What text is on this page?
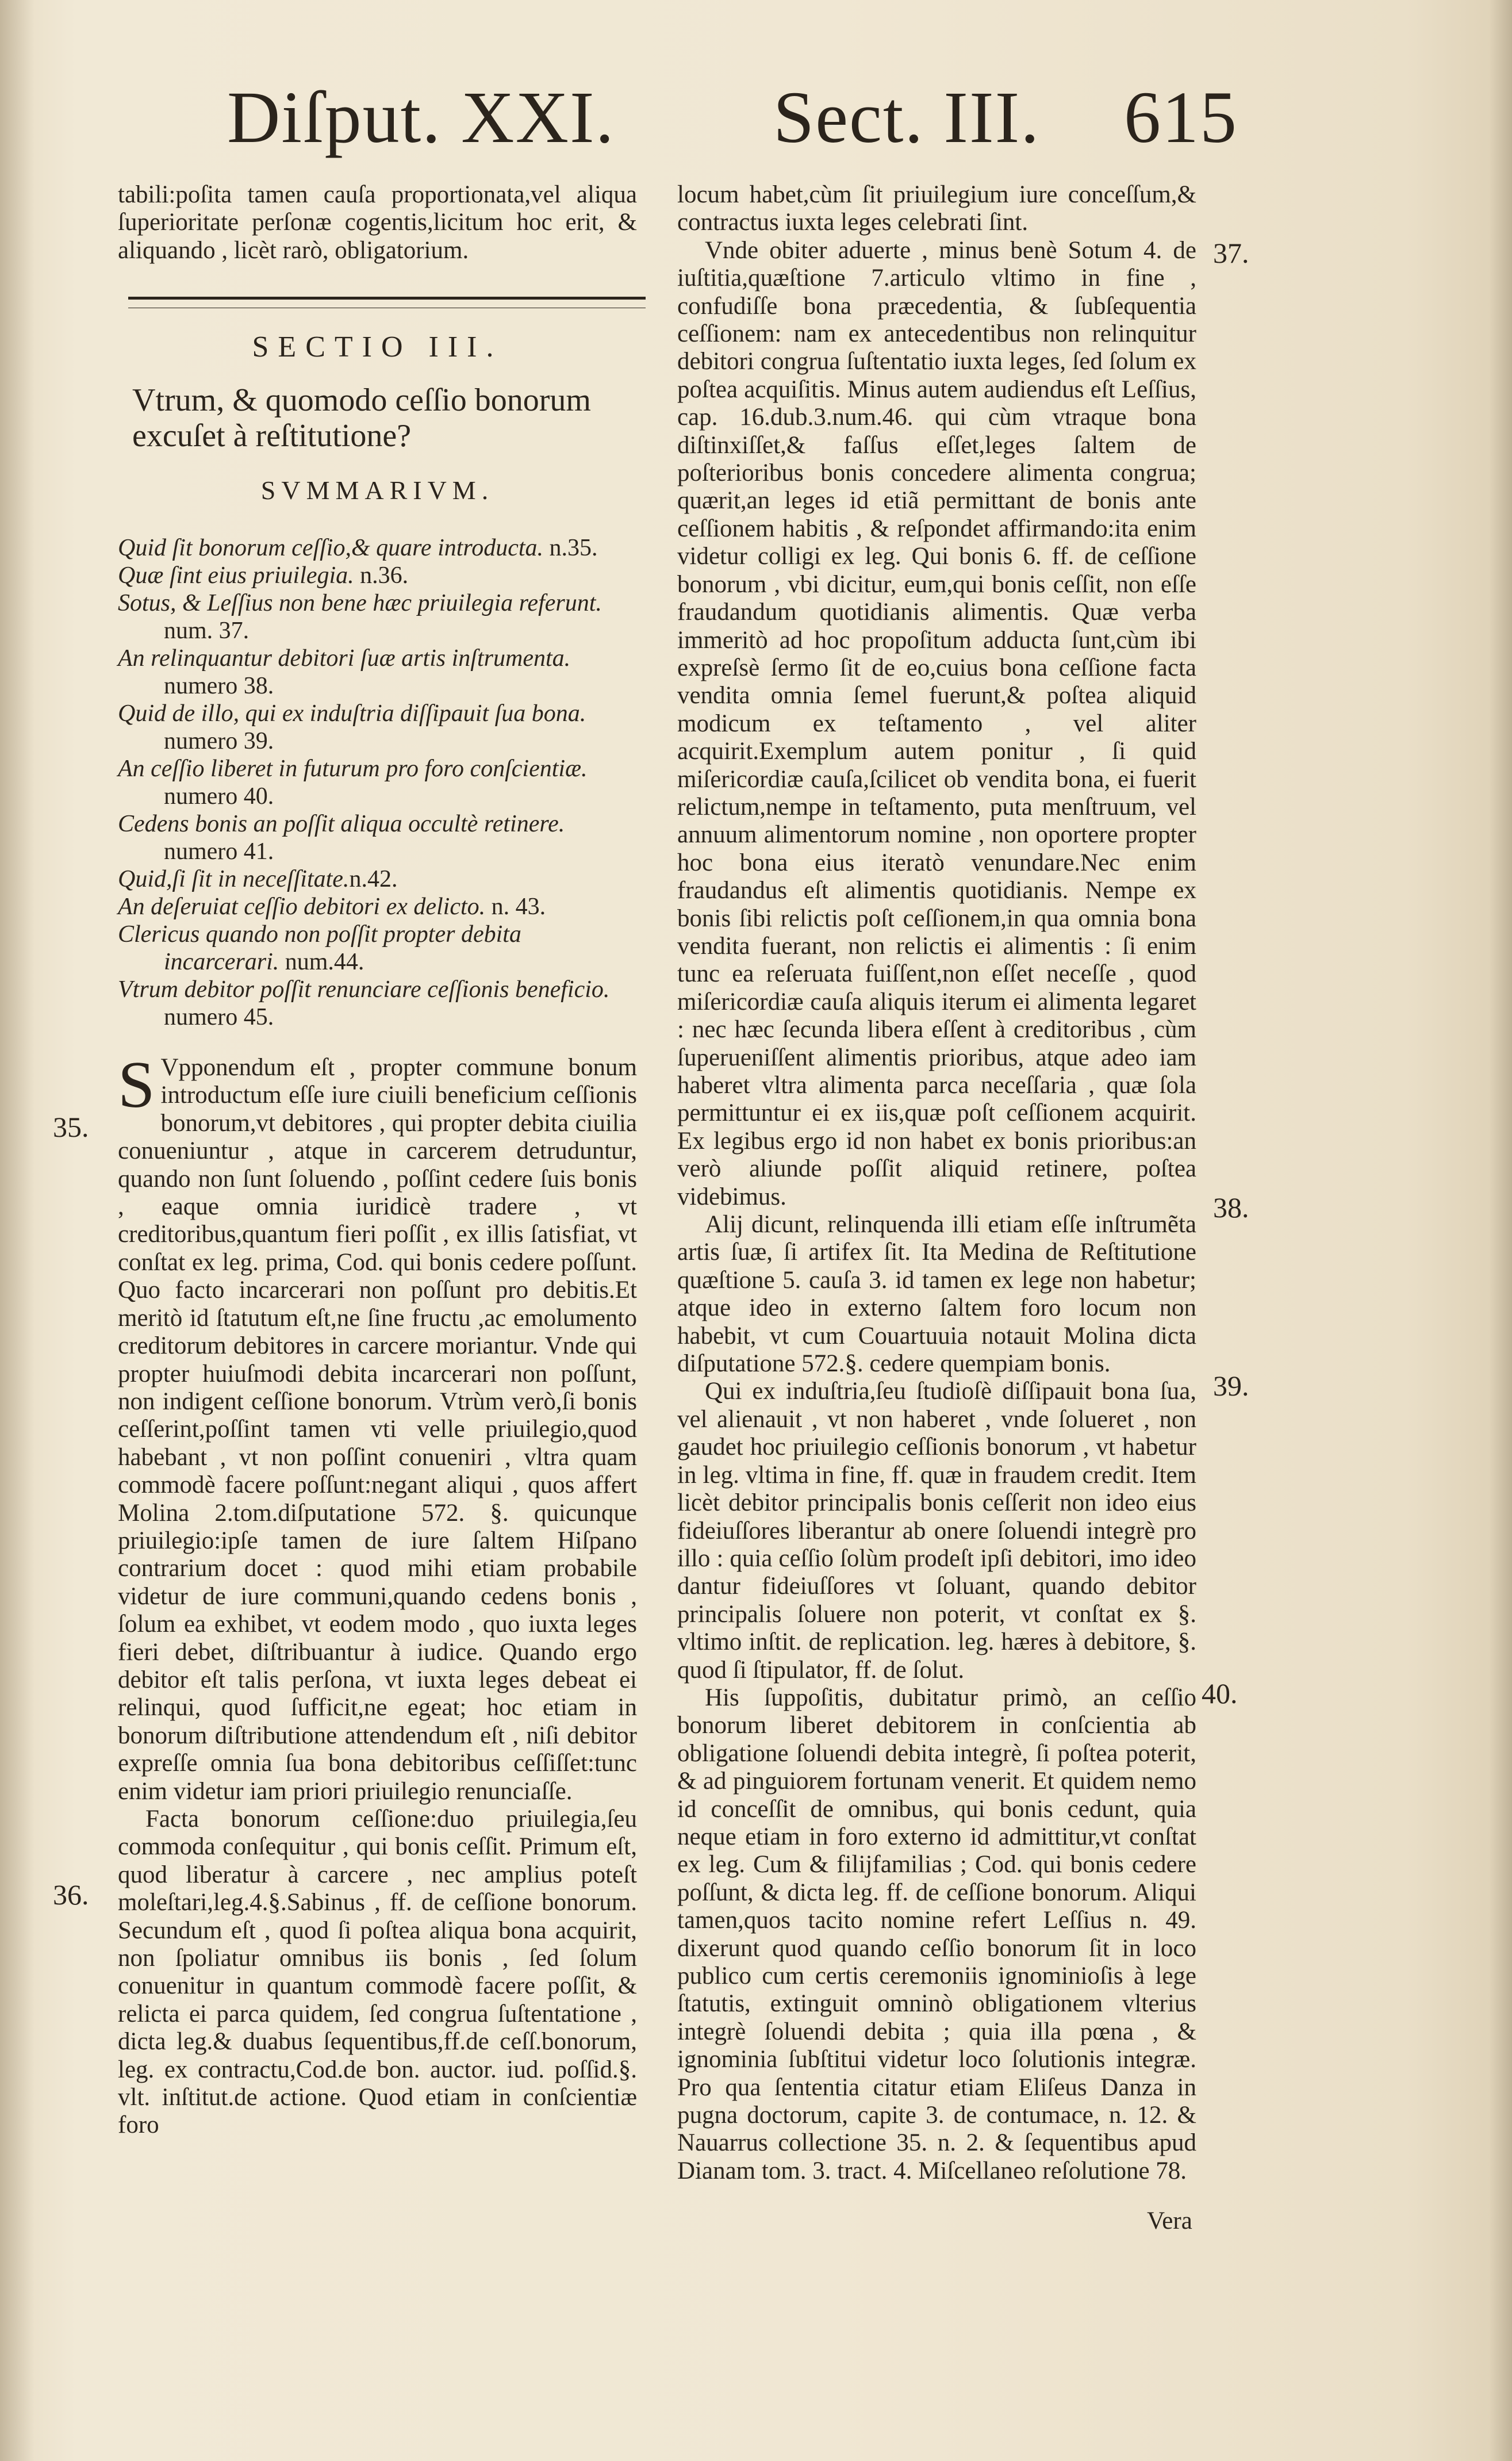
Diſput. XXI. Sect. III. 615

tabili:poſita tamen cauſa proportionata,vel aliqua ſuperioritate perſonæ cogentis,licitum hoc erit, & aliquando , licèt rarò, obligatorium.

SECTIO III.
Vtrum, & quomodo ceſſio bonorum excuſet à reſtitutione?
SVMMARIVM.
Quid ſit bonorum ceſſio,& quare introducta. n.35.
Quæ ſint eius priuilegia. n.36.
Sotus, & Leſſius non bene hæc priuilegia referunt. num. 37.
An relinquantur debitori ſuæ artis inſtrumenta. numero 38.
Quid de illo, qui ex induſtria diſſipauit ſua bona. numero 39.
An ceſſio liberet in futurum pro foro conſcientiæ. numero 40.
Cedens bonis an poſſit aliqua occultè retinere. numero 41.
Quid,ſi ſit in neceſſitate.n.42.
An deſeruiat ceſſio debitori ex delicto. n. 43.
Clericus quando non poſſit propter debita incarcerari. num.44.
Vtrum debitor poſſit renunciare ceſſionis beneficio. numero 45.

S Vpponendum eſt , propter commune bonum introductum eſſe iure ciuili beneficium ceſſionis bonorum,vt debitores , qui propter debita ciuilia conueniuntur , atque in carcerem detruduntur, quando non ſunt ſoluendo , poſſint cedere ſuis bonis , eaque omnia iuridicè tradere , vt creditoribus,quantum fieri poſſit , ex illis ſatisfiat, vt conſtat ex leg. prima, Cod. qui bonis cedere poſſunt. Quo facto incarcerari non poſſunt pro debitis.Et meritò id ſtatutum eſt,ne ſine fructu ,ac emolumento creditorum debitores in carcere moriantur. Vnde qui propter huiuſmodi debita incarcerari non poſſunt, non indigent ceſſione bonorum. Vtrùm verò,ſi bonis ceſſerint,poſſint tamen vti velle priuilegio,quod habebant , vt non poſſint conueniri , vltra quam commodè facere poſſunt:negant aliqui , quos affert Molina 2.tom.diſputatione 572. §. quicunque priuilegio:ipſe tamen de iure ſaltem Hiſpano contrarium docet : quod mihi etiam probabile videtur de iure communi,quando cedens bonis , ſolum ea exhibet, vt eodem modo , quo iuxta leges fieri debet, diſtribuantur à iudice. Quando ergo debitor eſt talis perſona, vt iuxta leges debeat ei relinqui, quod ſufficit,ne egeat; hoc etiam in bonorum diſtributione attendendum eſt , niſi debitor expreſſe omnia ſua bona debitoribus ceſſiſſet:tunc enim videtur iam priori priuilegio renunciaſſe.

Facta bonorum ceſſione:duo priuilegia,ſeu commoda conſequitur , qui bonis ceſſit. Primum eſt, quod liberatur à carcere , nec amplius poteſt moleſtari,leg.4.§.Sabinus , ff. de ceſſione bonorum. Secundum eſt , quod ſi poſtea aliqua bona acquirit, non ſpoliatur omnibus iis bonis , ſed ſolum conuenitur in quantum commodè facere poſſit, & relicta ei parca quidem, ſed congrua ſuſtentatione , dicta leg.& duabus ſequentibus,ff.de ceſſ.bonorum, leg. ex contractu,Cod.de bon. auctor. iud. poſſid.§. vlt. inſtitut.de actione. Quod etiam in conſcientiæ foro

locum habet,cùm ſit priuilegium iure conceſſum,& contractus iuxta leges celebrati ſint.

Vnde obiter aduerte , minus benè Sotum 4. de iuſtitia,quæſtione 7.articulo vltimo in fine , confudiſſe bona præcedentia, & ſubſequentia ceſſionem: nam ex antecedentibus non relinquitur debitori congrua ſuſtentatio iuxta leges, ſed ſolum ex poſtea acquiſitis. Minus autem audiendus eſt Leſſius, cap. 16.dub.3.num.46. qui cùm vtraque bona diſtinxiſſet,& faſſus eſſet,leges ſaltem de poſterioribus bonis concedere alimenta congrua; quærit,an leges id etiã permittant de bonis ante ceſſionem habitis , & reſpondet affirmando:ita enim videtur colligi ex leg. Qui bonis 6. ff. de ceſſione bonorum , vbi dicitur, eum,qui bonis ceſſit, non eſſe fraudandum quotidianis alimentis. Quæ verba immeritò ad hoc propoſitum adducta ſunt,cùm ibi expreſsè ſermo ſit de eo,cuius bona ceſſione facta vendita omnia ſemel fuerunt,& poſtea aliquid modicum ex teſtamento , vel aliter acquirit.Exemplum autem ponitur , ſi quid miſericordiæ cauſa,ſcilicet ob vendita bona, ei fuerit relictum,nempe in teſtamento, puta menſtruum, vel annuum alimentorum nomine , non oportere propter hoc bona eius iteratò venundare.Nec enim fraudandus eſt alimentis quotidianis. Nempe ex bonis ſibi relictis poſt ceſſionem,in qua omnia bona vendita fuerant, non relictis ei alimentis : ſi enim tunc ea reſeruata fuiſſent,non eſſet neceſſe , quod miſericordiæ cauſa aliquis iterum ei alimenta legaret : nec hæc ſecunda libera eſſent à creditoribus , cùm ſuperueniſſent alimentis prioribus, atque adeo iam haberet vltra alimenta parca neceſſaria , quæ ſola permittuntur ei ex iis,quæ poſt ceſſionem acquirit. Ex legibus ergo id non habet ex bonis prioribus:an verò aliunde poſſit aliquid retinere, poſtea videbimus.

Alij dicunt, relinquenda illi etiam eſſe inſtrumẽta artis ſuæ, ſi artifex ſit. Ita Medina de Reſtitutione quæſtione 5. cauſa 3. id tamen ex lege non habetur; atque ideo in externo ſaltem foro locum non habebit, vt cum Couartuuia notauit Molina dicta diſputatione 572.§. cedere quempiam bonis.

Qui ex induſtria,ſeu ſtudioſè diſſipauit bona ſua, vel alienauit , vt non haberet , vnde ſolueret , non gaudet hoc priuilegio ceſſionis bonorum , vt habetur in leg. vltima in fine, ff. quæ in fraudem credit. Item licèt debitor principalis bonis ceſſerit non ideo eius fideiuſſores liberantur ab onere ſoluendi integrè pro illo : quia ceſſio ſolùm prodeſt ipſi debitori, imo ideo dantur fideiuſſores vt ſoluant, quando debitor principalis ſoluere non poterit, vt conſtat ex §. vltimo inſtit. de replication. leg. hæres à debitore, §. quod ſi ſtipulator, ff. de ſolut.

His ſuppoſitis, dubitatur primò, an ceſſio bonorum liberet debitorem in conſcientia ab obligatione ſoluendi debita integrè, ſi poſtea poterit, & ad pinguiorem fortunam venerit. Et quidem nemo id conceſſit de omnibus, qui bonis cedunt, quia neque etiam in foro externo id admittitur,vt conſtat ex leg. Cum & filijfamilias ; Cod. qui bonis cedere poſſunt, & dicta leg. ff. de ceſſione bonorum. Aliqui tamen,quos tacito nomine refert Leſſius n. 49. dixerunt quod quando ceſſio bonorum ſit in loco publico cum certis ceremoniis ignominioſis à lege ſtatutis, extinguit omninò obligationem vlterius integrè ſoluendi debita ; quia illa pœna , & ignominia ſubſtitui videtur loco ſolutionis integræ. Pro qua ſententia citatur etiam Eliſeus Danza in pugna doctorum, capite 3. de contumace, n. 12. & Nauarrus collectione 35. n. 2. & ſequentibus apud Dianam tom. 3. tract. 4. Miſcellaneo reſolutione 78.

Vera
35.
36.
37.
38.
39.
40.
